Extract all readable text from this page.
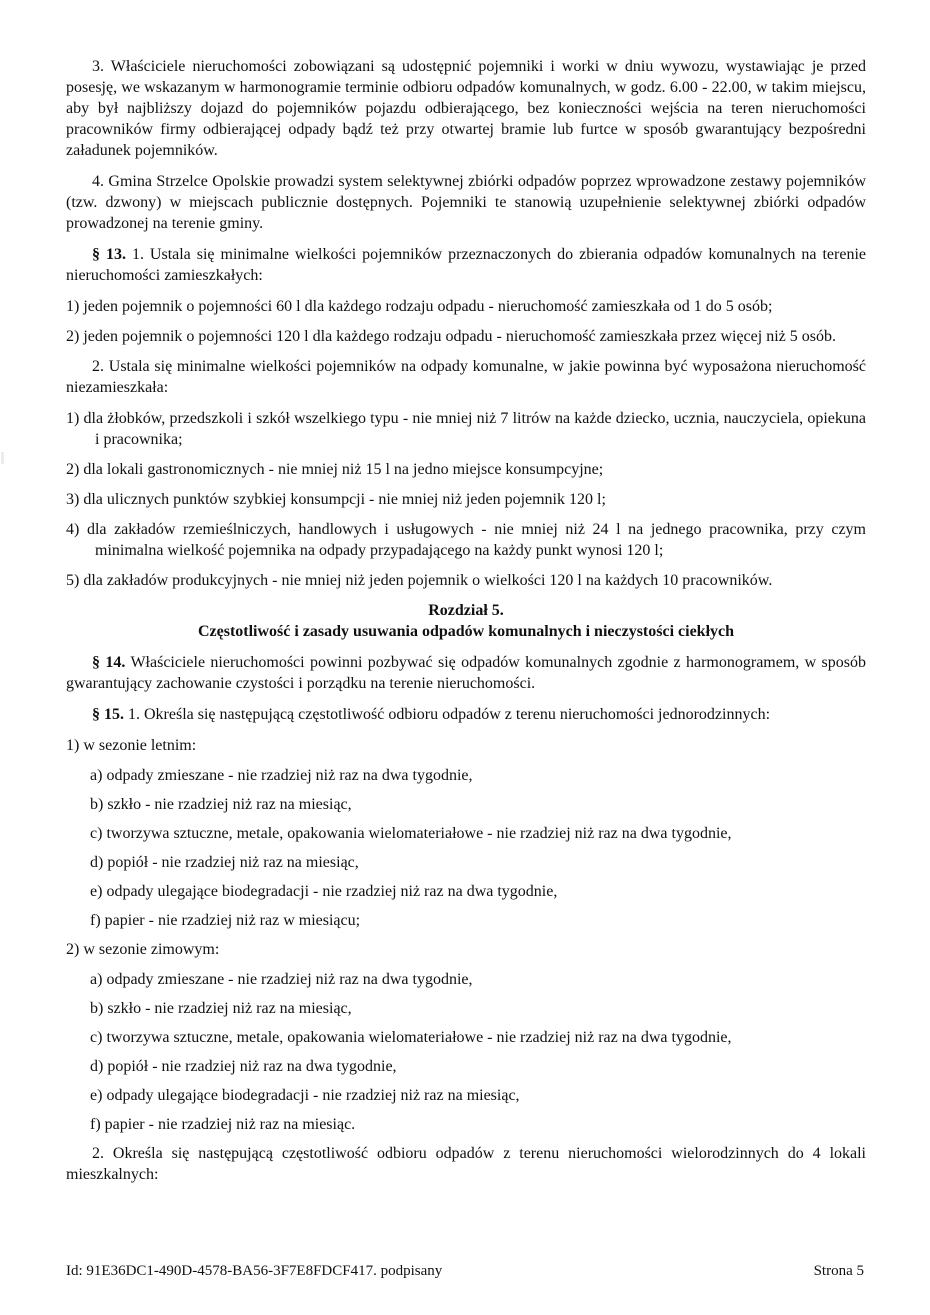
3. Właściciele nieruchomości zobowiązani są udostępnić pojemniki i worki w dniu wywozu, wystawiając je przed posesję, we wskazanym w harmonogramie terminie odbioru odpadów komunalnych, w godz. 6.00 - 22.00, w takim miejscu, aby był najbliższy dojazd do pojemników pojazdu odbierającego, bez konieczności wejścia na teren nieruchomości pracowników firmy odbierającej odpady bądź też przy otwartej bramie lub furtce w sposób gwarantujący bezpośredni załadunek pojemników.

4. Gmina Strzelce Opolskie prowadzi system selektywnej zbiórki odpadów poprzez wprowadzone zestawy pojemników (tzw. dzwony) w miejscach publicznie dostępnych. Pojemniki te stanowią uzupełnienie selektywnej zbiórki odpadów prowadzonej na terenie gminy.

§ 13. 1. Ustala się minimalne wielkości pojemników przeznaczonych do zbierania odpadów komunalnych na terenie nieruchomości zamieszkałych:

1) jeden pojemnik o pojemności 60 l dla każdego rodzaju odpadu - nieruchomość zamieszkała od 1 do 5 osób;

2) jeden pojemnik o pojemności 120 l dla każdego rodzaju odpadu - nieruchomość zamieszkała przez więcej niż 5 osób.

2. Ustala się minimalne wielkości pojemników na odpady komunalne, w jakie powinna być wyposażona nieruchomość niezamieszkała:

1) dla żłobków, przedszkoli i szkół wszelkiego typu - nie mniej niż 7 litrów na każde dziecko, ucznia, nauczyciela, opiekuna i pracownika;

2) dla lokali gastronomicznych - nie mniej niż 15 l na jedno miejsce konsumpcyjne;

3) dla ulicznych punktów szybkiej konsumpcji - nie mniej niż jeden pojemnik 120 l;

4) dla zakładów rzemieślniczych, handlowych i usługowych - nie mniej niż 24 l na jednego pracownika, przy czym minimalna wielkość pojemnika na odpady przypadającego na każdy punkt wynosi 120 l;

5) dla zakładów produkcyjnych - nie mniej niż jeden pojemnik o wielkości 120 l na każdych 10 pracowników.

Rozdział 5.
Częstotliwość i zasady usuwania odpadów komunalnych i nieczystości ciekłych

§ 14. Właściciele nieruchomości powinni pozbywać się odpadów komunalnych zgodnie z harmonogramem, w sposób gwarantujący zachowanie czystości i porządku na terenie nieruchomości.

§ 15. 1. Określa się następującą częstotliwość odbioru odpadów z terenu nieruchomości jednorodzinnych:

1) w sezonie letnim:

a) odpady zmieszane - nie rzadziej niż raz na dwa tygodnie,

b) szkło - nie rzadziej niż raz na miesiąc,

c) tworzywa sztuczne, metale, opakowania wielomateriałowe - nie rzadziej niż raz na dwa tygodnie,

d) popiół - nie rzadziej niż raz na miesiąc,

e) odpady ulegające biodegradacji - nie rzadziej niż raz na dwa tygodnie,

f) papier - nie rzadziej niż raz w miesiącu;

2) w sezonie zimowym:

a) odpady zmieszane - nie rzadziej niż raz na dwa tygodnie,

b) szkło - nie rzadziej niż raz na miesiąc,

c) tworzywa sztuczne, metale, opakowania wielomateriałowe - nie rzadziej niż raz na dwa tygodnie,

d) popiół - nie rzadziej niż raz na dwa tygodnie,

e) odpady ulegające biodegradacji - nie rzadziej niż raz na miesiąc,

f) papier - nie rzadziej niż raz na miesiąc.

2. Określa się następującą częstotliwość odbioru odpadów z terenu nieruchomości wielorodzinnych do 4 lokali mieszkalnych:

Id: 91E36DC1-490D-4578-BA56-3F7E8FDCF417. podpisany	Strona 5
